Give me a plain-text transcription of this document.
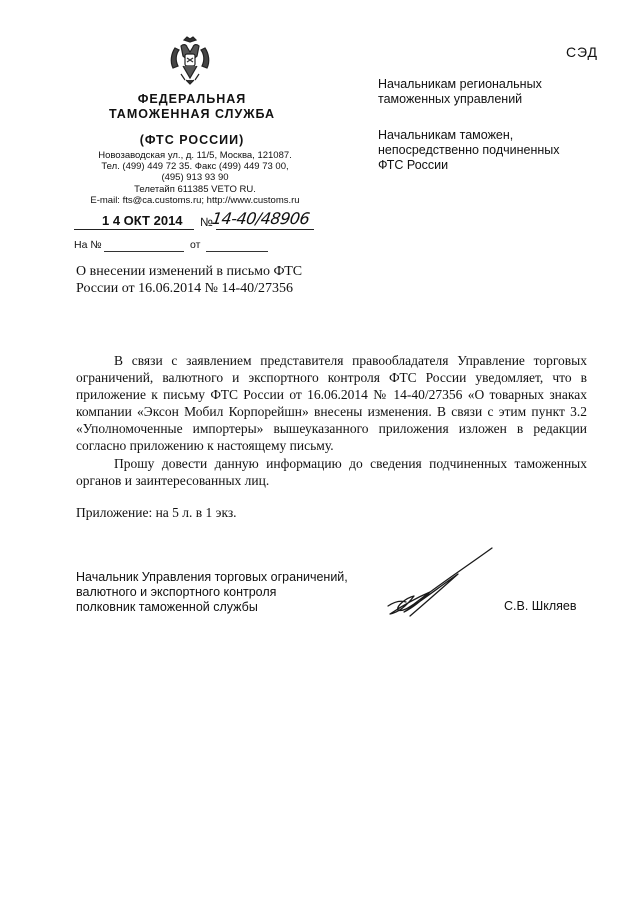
СЭД
ФЕДЕРАЛЬНАЯ
ТАМОЖЕННАЯ СЛУЖБА
(ФТС РОССИИ)
Новозаводская ул., д. 11/5, Москва, 121087.
Тел. (499) 449 72 35. Факс (499) 449 73 00,
(495) 913 93 90
Телетайп 611385 VETO RU.
E-mail: fts@ca.customs.ru; http://www.customs.ru
1 4 ОКТ 2014 №
14-40/48906
На №	от
Начальникам региональных
таможенных управлений
Начальникам таможен,
непосредственно подчиненных
ФТС России
О внесении изменений в письмо ФТС
России от 16.06.2014 № 14-40/27356
В связи с заявлением представителя правообладателя Управление торговых ограничений, валютного и экспортного контроля ФТС России уведомляет, что в приложение к письму ФТС России от 16.06.2014 № 14-40/27356 «О товарных знаках компании «Эксон Мобил Корпорейшн» внесены изменения. В связи с этим пункт 3.2 «Уполномоченные импортеры» вышеуказанного приложения изложен в редакции согласно приложению к настоящему письму.
Прошу довести данную информацию до сведения подчиненных таможенных органов и заинтересованных лиц.
Приложение: на 5 л. в 1 экз.
Начальник Управления торговых ограничений,
валютного и экспортного контроля
полковник таможенной службы	С.В. Шкляев
